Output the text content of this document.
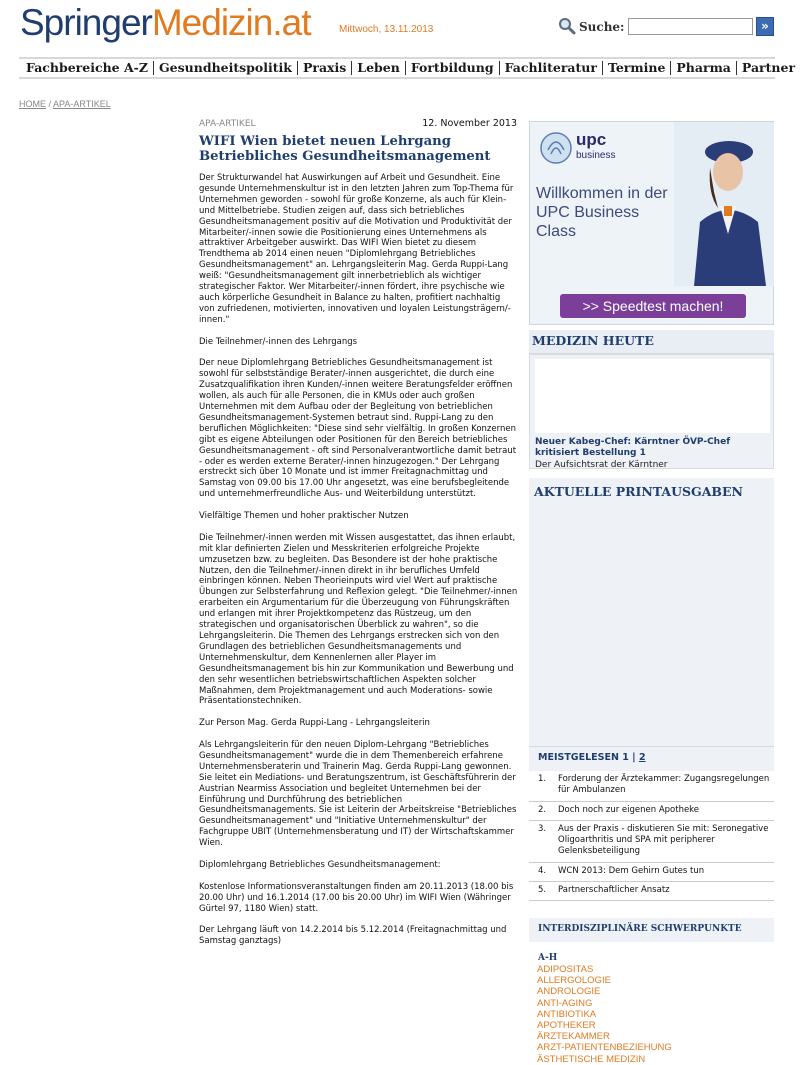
SpringerMedizin.at	Mittwoch, 13.11.2013	Suche:	»
Fachbereiche A-Z Gesundheitspolitik Praxis Leben Fortbildung Fachliteratur Termine Pharma Partner
HOME / APA-ARTIKEL
APA-ARTIKEL	12. November 2013
WIFI Wien bietet neuen Lehrgang Betriebliches Gesundheitsmanagement

Der Strukturwandel hat Auswirkungen auf Arbeit und Gesundheit. Eine gesunde Unternehmenskultur ist in den letzten Jahren zum Top-Thema für Unternehmen geworden - sowohl für große Konzerne, als auch für Klein- und Mittelbetriebe. Studien zeigen auf, dass sich betriebliches Gesundheitsmanagement positiv auf die Motivation und Produktivität der Mitarbeiter/-innen sowie die Positionierung eines Unternehmens als attraktiver Arbeitgeber auswirkt. Das WIFI Wien bietet zu diesem Trendthema ab 2014 einen neuen "Diplomlehrgang Betriebliches Gesundheitsmanagement" an. Lehrgangsleiterin Mag. Gerda Ruppi-Lang weiß: "Gesundheitsmanagement gilt innerbetrieblich als wichtiger strategischer Faktor. Wer Mitarbeiter/-innen fördert, ihre psychische wie auch körperliche Gesundheit in Balance zu halten, profitiert nachhaltig von zufriedenen, motivierten, innovativen und loyalen Leistungsträgern/-innen."

Die Teilnehmer/-innen des Lehrgangs

Der neue Diplomlehrgang Betriebliches Gesundheitsmanagement ist sowohl für selbstständige Berater/-innen ausgerichtet, die durch eine Zusatzqualifikation ihren Kunden/-innen weitere Beratungsfelder eröffnen wollen, als auch für alle Personen, die in KMUs oder auch großen Unternehmen mit dem Aufbau oder der Begleitung von betrieblichen Gesundheitsmanagement-Systemen betraut sind. Ruppi-Lang zu den beruflichen Möglichkeiten: "Diese sind sehr vielfältig. In großen Konzernen gibt es eigene Abteilungen oder Positionen für den Bereich betriebliches Gesundheitsmanagement - oft sind Personalverantwortliche damit betraut - oder es werden externe Berater/-innen hinzugezogen." Der Lehrgang erstreckt sich über 10 Monate und ist immer Freitagnachmittag und Samstag von 09.00 bis 17.00 Uhr angesetzt, was eine berufsbegleitende und unternehmerfreundliche Aus- und Weiterbildung unterstützt.

Vielfältige Themen und hoher praktischer Nutzen

Die Teilnehmer/-innen werden mit Wissen ausgestattet, das ihnen erlaubt, mit klar definierten Zielen und Messkriterien erfolgreiche Projekte umzusetzen bzw. zu begleiten. Das Besondere ist der hohe praktische Nutzen, den die Teilnehmer/-innen direkt in ihr berufliches Umfeld einbringen können. Neben Theorieinputs wird viel Wert auf praktische Übungen zur Selbsterfahrung und Reflexion gelegt. "Die Teilnehmer/-innen erarbeiten ein Argumentarium für die Überzeugung von Führungskräften und erlangen mit ihrer Projektkompetenz das Rüstzeug, um den strategischen und organisatorischen Überblick zu wahren", so die Lehrgangsleiterin. Die Themen des Lehrgangs erstrecken sich von den Grundlagen des betrieblichen Gesundheitsmanagements und Unternehmenskultur, dem Kennenlernen aller Player im Gesundheitsmanagement bis hin zur Kommunikation und Bewerbung und den sehr wesentlichen betriebswirtschaftlichen Aspekten solcher Maßnahmen, dem Projektmanagement und auch Moderations- sowie Präsentationstechniken.

Zur Person Mag. Gerda Ruppi-Lang - Lehrgangsleiterin

Als Lehrgangsleiterin für den neuen Diplom-Lehrgang "Betriebliches Gesundheitsmanagement" wurde die in dem Themenbereich erfahrene Unternehmensberaterin und Trainerin Mag. Gerda Ruppi-Lang gewonnen. Sie leitet ein Mediations- und Beratungszentrum, ist Geschäftsführerin der Austrian Nearmiss Association und begleitet Unternehmen bei der Einführung und Durchführung des betrieblichen Gesundheitsmanagements. Sie ist Leiterin der Arbeitskreise "Betriebliches Gesundheitsmanagement" und "Initiative Unternehmenskultur" der Fachgruppe UBIT (Unternehmensberatung und IT) der Wirtschaftskammer Wien.

Diplomlehrgang Betriebliches Gesundheitsmanagement:

Kostenlose Informationsveranstaltungen finden am 20.11.2013 (18.00 bis 20.00 Uhr) und 16.1.2014 (17.00 bis 20.00 Uhr) im WIFI Wien (Währinger Gürtel 97, 1180 Wien) statt.

Der Lehrgang läuft von 14.2.2014 bis 5.12.2014 (Freitagnachmittag und Samstag ganztags)

upc
business
Willkommen in der UPC Business Class
>> Speedtest machen!
MEDIZIN HEUTE
Neuer Kabeg-Chef: Kärntner ÖVP-Chef kritisiert Bestellung 1
Der Aufsichtsrat der Kärntner
AKTUELLE PRINTAUSGABEN
MEISTGELESEN 1 | 2
1. Forderung der Ärztekammer: Zugangsregelungen für Ambulanzen
2. Doch noch zur eigenen Apotheke
3. Aus der Praxis - diskutieren Sie mit: Seronegative Oligoarthritis und SPA mit peripherer Gelenksbeteiligung
4. WCN 2013: Dem Gehirn Gutes tun
5. Partnerschaftlicher Ansatz
INTERDISZIPLINÄRE SCHWERPUNKTE
A-H
ADIPOSITAS
ALLERGOLOGIE
ANDROLOGIE
ANTI-AGING
ANTIBIOTIKA
APOTHEKER
ÄRZTEKAMMER
ARZT-PATIENTENBEZIEHUNG
ÄSTHETISCHE MEDIZIN
